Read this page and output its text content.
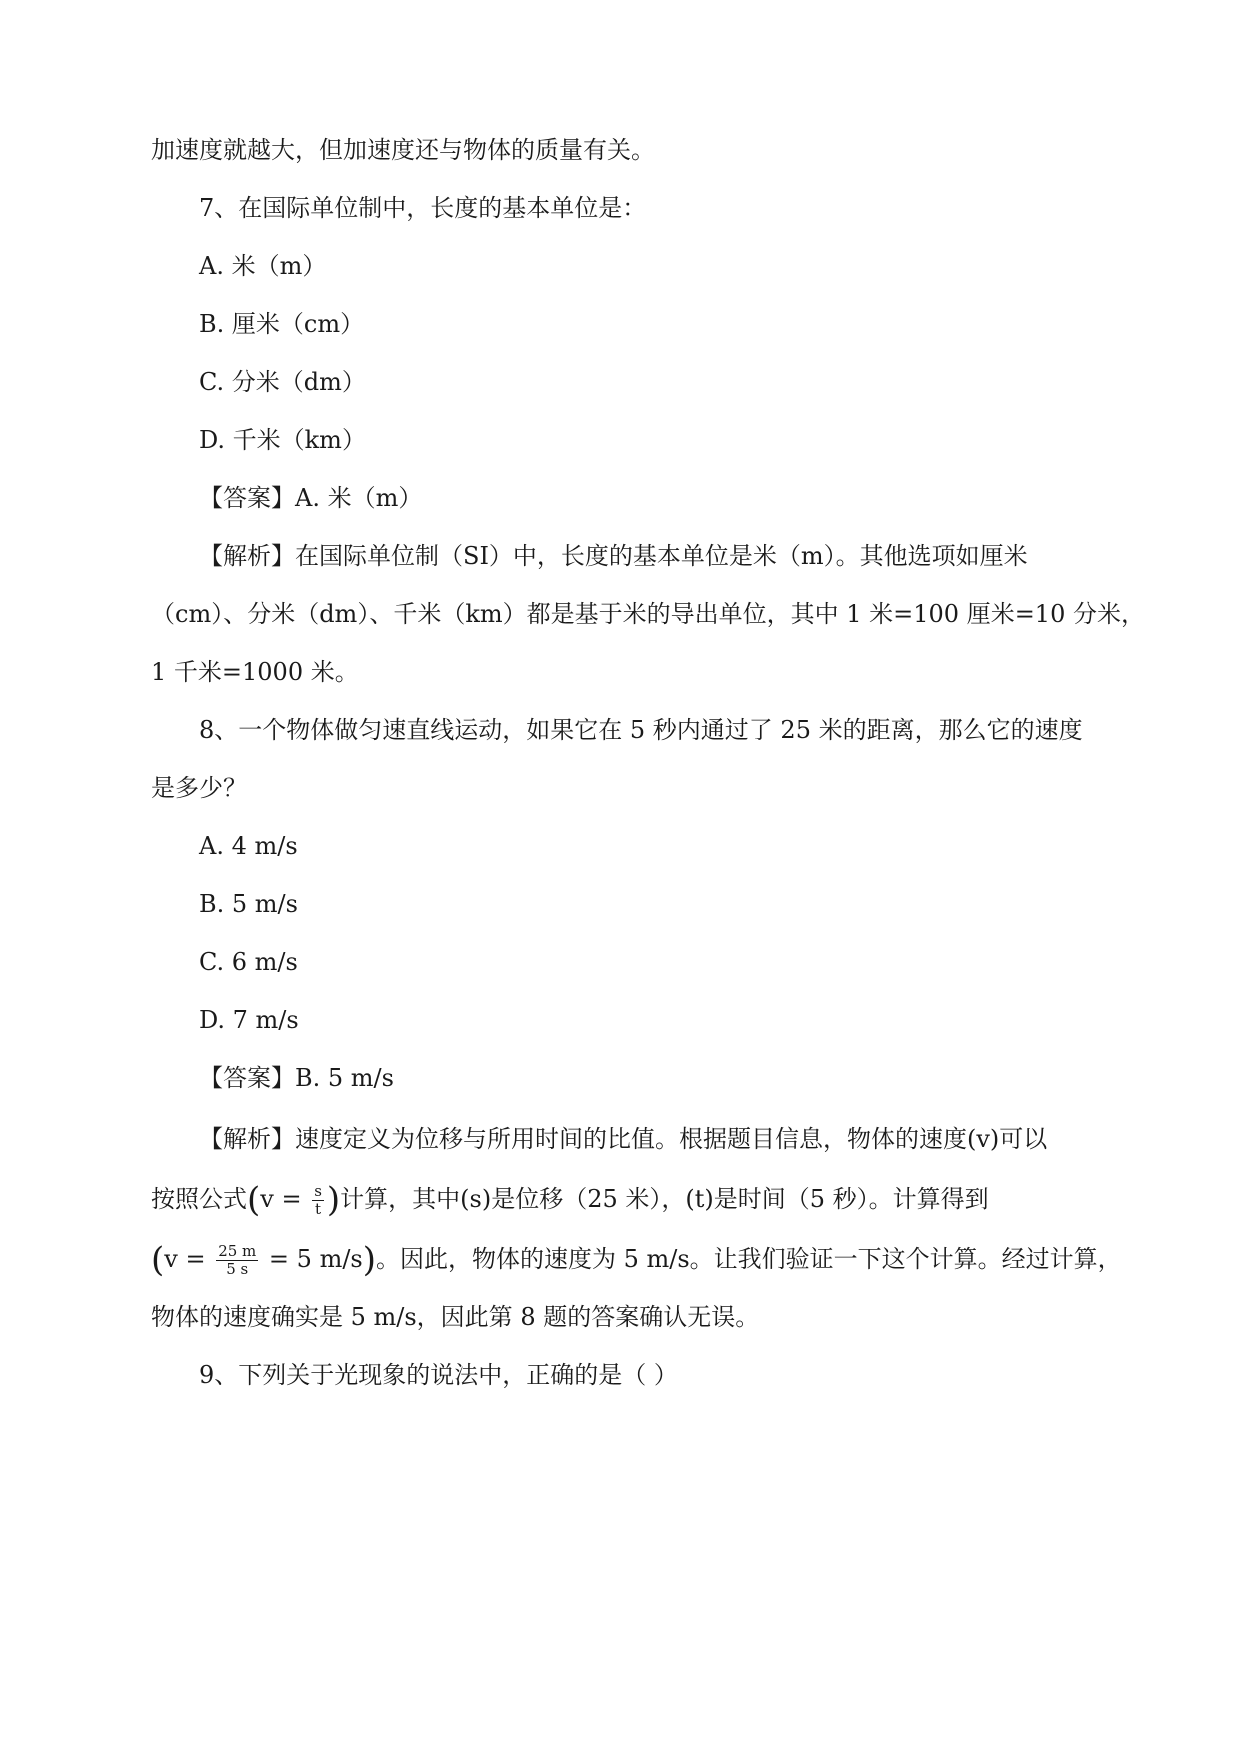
加速度就越大，但加速度还与物体的质量有关。
7、在国际单位制中，长度的基本单位是：
A. 米（m）
B. 厘米（cm）
C. 分米（dm）
D. 千米（km）
【答案】A. 米（m）
【解析】在国际单位制（SI）中，长度的基本单位是米（m）。其他选项如厘米
（cm）、分米（dm）、千米（km）都是基于米的导出单位，其中 1 米=100 厘米=10 分米，
1 千米=1000 米。
8、一个物体做匀速直线运动，如果它在 5 秒内通过了 25 米的距离，那么它的速度
是多少？
A. 4 m/s
B. 5 m/s
C. 6 m/s
D. 7 m/s
【答案】B. 5 m/s
【解析】速度定义为位移与所用时间的比值。根据题目信息，物体的速度(v)可以
按照公式($v = \frac{s}{t}$ )计算，其中(s)是位移（25 米），(t)是时间（5 秒）。计算得到
($v = \frac{25 m}{5 s} = 5$ m/s)。因此，物体的速度为 5 m/s。让我们验证一下这个计算。经过计算，
物体的速度确实是 5 m/s，因此第 8 题的答案确认无误。
9、下列关于光现象的说法中，正确的是（ ）
